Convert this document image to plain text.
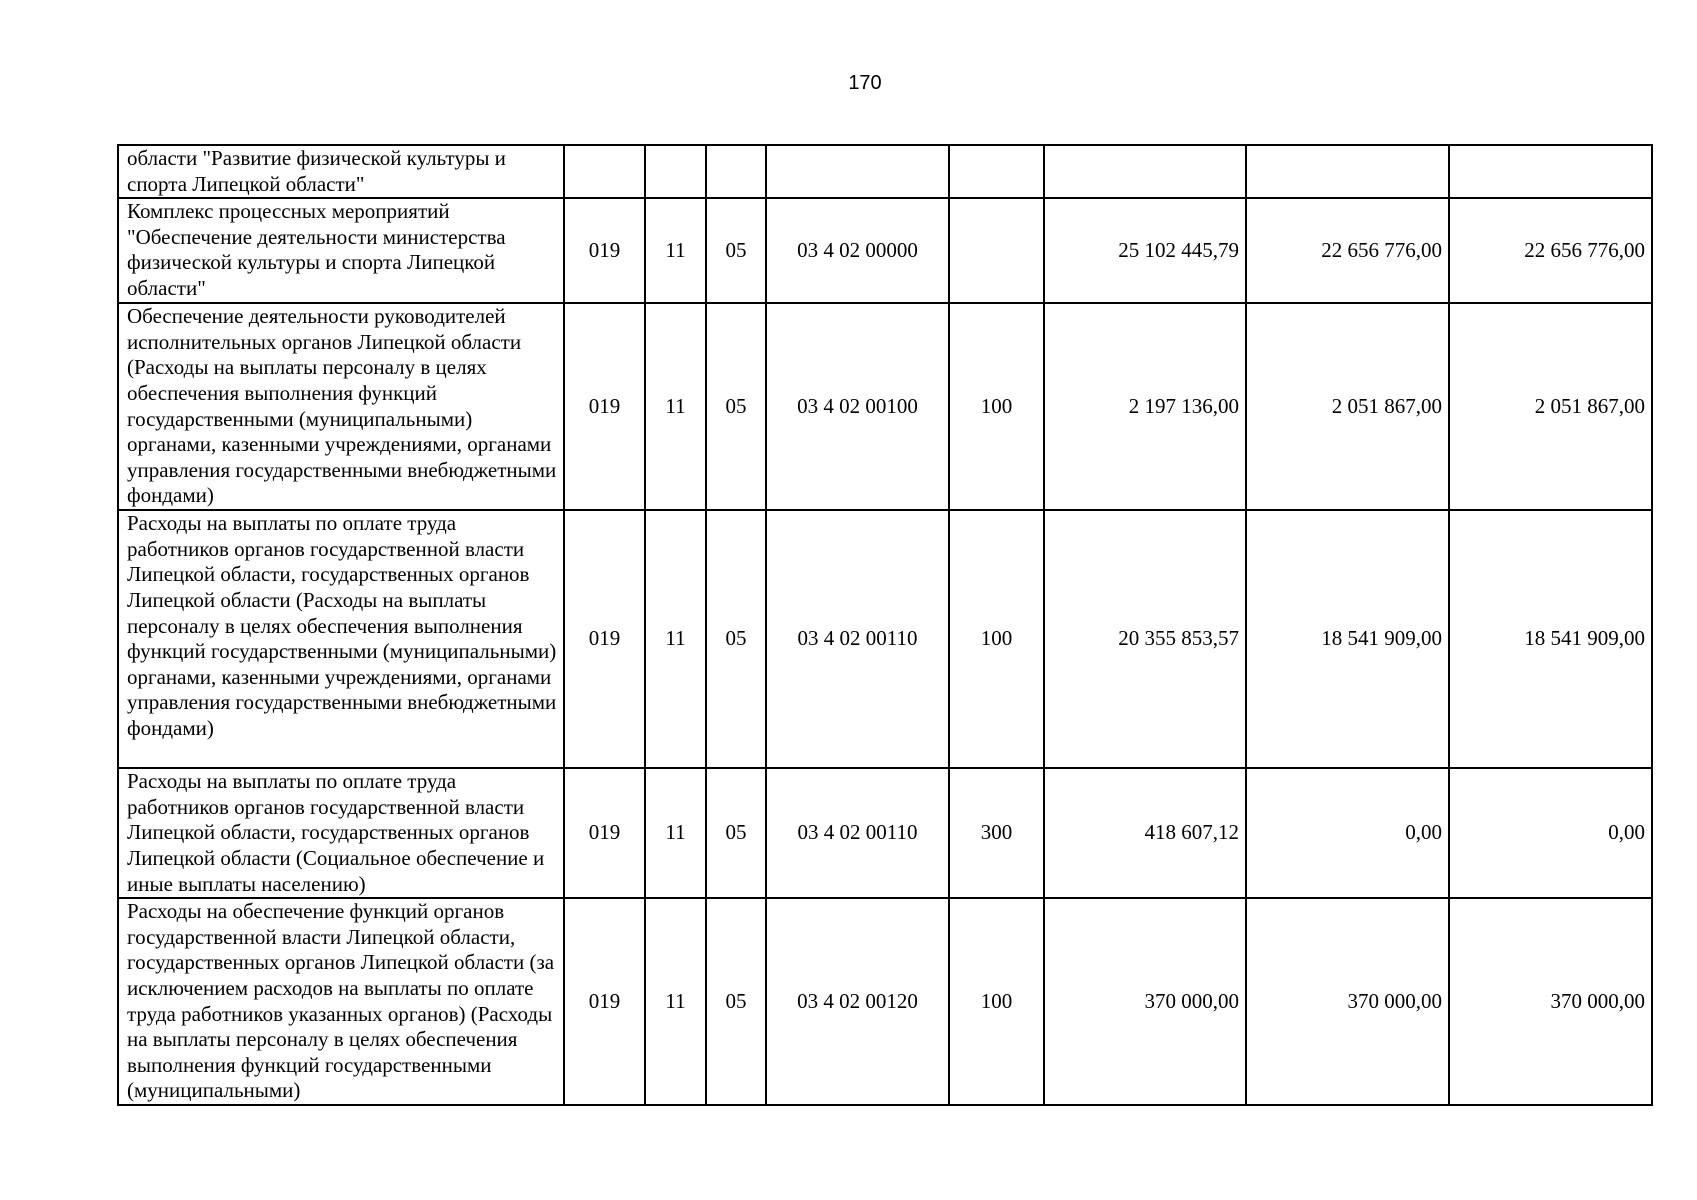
170
области "Развитие физической культуры и спорта Липецкой области"								
Комплекс процессных мероприятий "Обеспечение деятельности министерства физической культуры и спорта Липецкой области"	019	11	05	03 4 02 00000		25 102 445,79	22 656 776,00	22 656 776,00
Обеспечение деятельности руководителей исполнительных органов Липецкой области (Расходы на выплаты персоналу в целях обеспечения выполнения функций государственными (муниципальными) органами, казенными учреждениями, органами управления государственными внебюджетными фондами)	019	11	05	03 4 02 00100	100	2 197 136,00	2 051 867,00	2 051 867,00
Расходы на выплаты по оплате труда работников органов государственной власти Липецкой области, государственных органов Липецкой области (Расходы на выплаты персоналу в целях обеспечения выполнения функций государственными (муниципальными) органами, казенными учреждениями, органами управления государственными внебюджетными фондами)	019	11	05	03 4 02 00110	100	20 355 853,57	18 541 909,00	18 541 909,00
Расходы на выплаты по оплате труда работников органов государственной власти Липецкой области, государственных органов Липецкой области (Социальное обеспечение и иные выплаты населению)	019	11	05	03 4 02 00110	300	418 607,12	0,00	0,00
Расходы на обеспечение функций органов государственной власти Липецкой области, государственных органов Липецкой области (за исключением расходов на выплаты по оплате труда работников указанных органов) (Расходы на выплаты персоналу в целях обеспечения выполнения функций государственными (муниципальными)	019	11	05	03 4 02 00120	100	370 000,00	370 000,00	370 000,00
